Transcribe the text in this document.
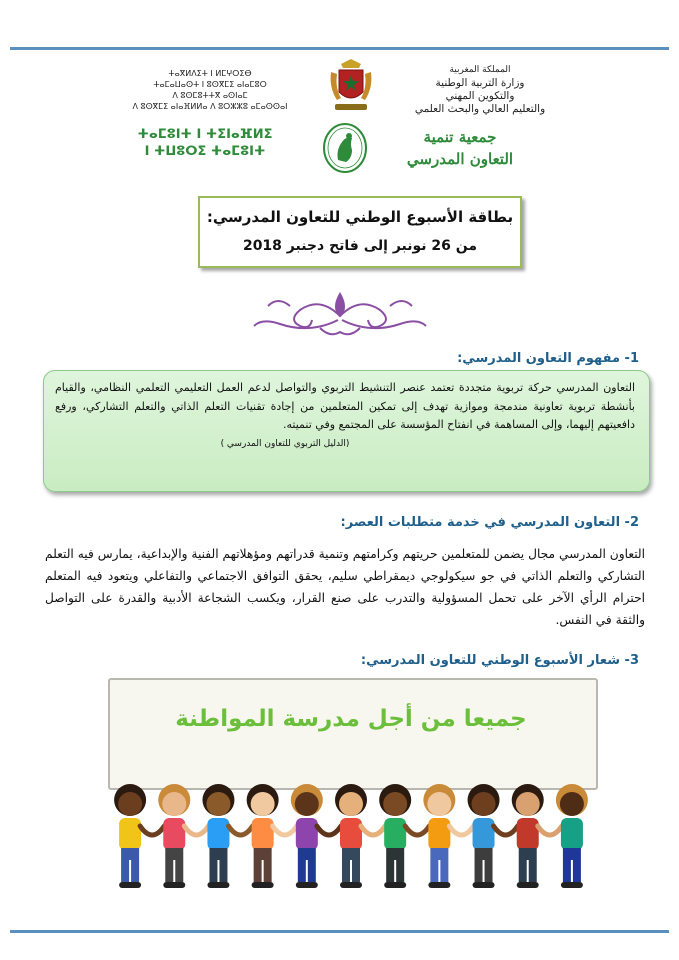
ⵜⴰⴳⵍⴷⵉⵜ ⵏ ⵍⵎⵖⵔⵉⴱ
ⵜⴰⵎⴰⵡⴰⵙⵜ ⵏ ⵓⵙⴳⵎⵉ ⴰⵏⴰⵎⵓⵔ
ⴷ ⵓⵙⵎⵓⵜⵜⴳ ⴰⵙⵏⴰⵎ
ⴷ ⵓⵙⴳⵎⵉ ⴰⵏⴰⴼⵍⵍⴰ ⴷ ⵓⵔⵣⵣⵓ ⴰⵎⴰⵙⵙⴰⵏ
المملكة المغربية
وزارة التربية الوطنية
والتكوين المهني
والتعليم العالي والبحث العلمي
ⵜⴰⵎⵓⵏⵜ ⵏ ⵜⵉⵏⴰⴼⵍⵉ
ⵏ ⵜⵡⵓⵔⵉ ⵜⴰⵎⵓⵏⵜ
جمعية تنمية
التعاون المدرسي
بطاقة الأسبوع الوطني للتعاون المدرسي:
من 26 نونبر إلى فاتح دجنبر 2018
1- مفهوم التعاون المدرسي:
التعاون المدرسي حركة تربوية متجددة تعتمد عنصر التنشيط التربوي والتواصل لدعم العمل التعليمي التعلمي النظامي، والقيام بأنشطة تربوية تعاونية مندمجة وموازية تهدف إلى تمكين المتعلمين من إجادة تقنيات التعلم الذاتي والتعلم التشاركي، ورفع دافعيتهم إليهما، وإلى المساهمة في انفتاح المؤسسة على المجتمع وفي تنميته.
(الدليل التربوي للتعاون المدرسي )
2- التعاون المدرسي في خدمة متطلبات العصر:
التعاون المدرسي مجال يضمن للمتعلمين حريتهم وكرامتهم وتنمية قدراتهم ومؤهلاتهم الفنية والإبداعية، يمارس فيه التعلم التشاركي والتعلم الذاتي في جو سيكولوجي ديمقراطي سليم، يحقق التوافق الاجتماعي والتفاعلي ويتعود فيه المتعلم احترام الرأي الآخر على تحمل المسؤولية والتدرب على صنع القرار، ويكسب الشجاعة الأدبية والقدرة على التواصل والثقة في النفس.
3- شعار الأسبوع الوطني للتعاون المدرسي:
جميعا من أجل مدرسة المواطنة
